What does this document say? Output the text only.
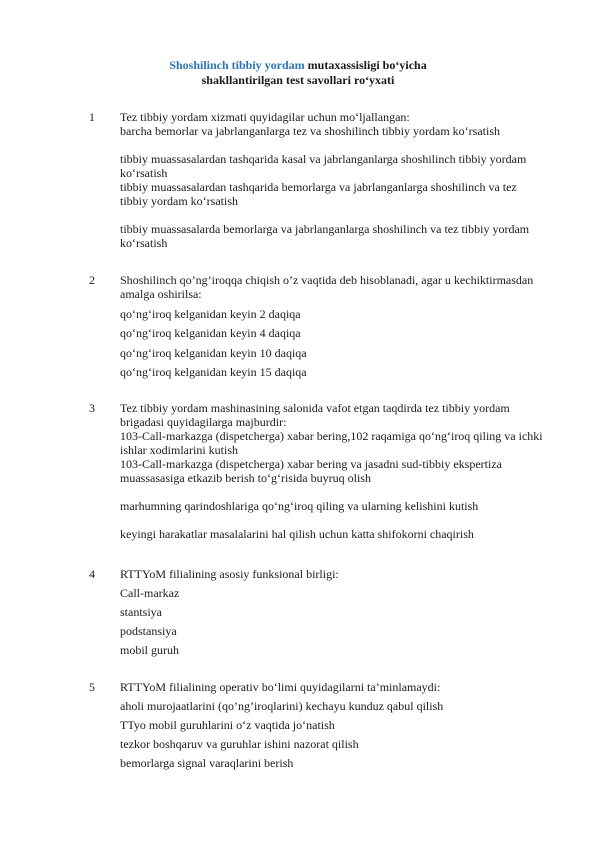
Shoshilinch tibbiy yordam mutaxassisligi bo‘yicha
shakllantirilgan test savollari ro‘yxati
1 Tez tibbiy yordam xizmati quyidagilar uchun mo‘ljallangan:
barcha bemorlar va jabrlanganlarga tez va shoshilinch tibbiy yordam ko‘rsatish
tibbiy muassasalardan tashqarida kasal va jabrlanganlarga shoshilinch tibbiy yordam ko‘rsatish
tibbiy muassasalardan tashqarida bemorlarga va jabrlanganlarga shoshilinch va tez tibbiy yordam ko‘rsatish
tibbiy muassasalarda bemorlarga va jabrlanganlarga shoshilinch va tez tibbiy yordam ko‘rsatish
2 Shoshilinch qo’ng’iroqqa chiqish o’z vaqtida deb hisoblanadi, agar u kechiktirmasdan amalga oshirilsa:
qo‘ng‘iroq kelganidan keyin 2 daqiqa
qo‘ng‘iroq kelganidan keyin 4 daqiqa
qo‘ng‘iroq kelganidan keyin 10 daqiqa
qo‘ng‘iroq kelganidan keyin 15 daqiqa
3 Tez tibbiy yordam mashinasining salonida vafot etgan taqdirda tez tibbiy yordam brigadasi quyidagilarga majburdir:
103-Call-markazga (dispetcherga) xabar bering,102 raqamiga qo‘ng‘iroq qiling va ichki ishlar xodimlarini kutish
103-Call-markazga (dispetcherga) xabar bering va jasadni sud-tibbiy ekspertiza muassasasiga etkazib berish to‘g‘risida buyruq olish
marhumning qarindoshlariga qo‘ng‘iroq qiling va ularning kelishini kutish
keyingi harakatlar masalalarini hal qilish uchun katta shifokorni chaqirish
4 RTTYoM filialining asosiy funksional birligi:
Call-markaz
stantsiya
podstansiya
mobil guruh
5 RTTYoM filialining operativ bo‘limi quyidagilarni ta’minlamaydi:
aholi murojaatlarini (qo’ng’iroqlarini) kechayu kunduz qabul qilish
TTyo mobil guruhlarini o‘z vaqtida jo‘natish
tezkor boshqaruv va guruhlar ishini nazorat qilish
bemorlarga signal varaqlarini berish
